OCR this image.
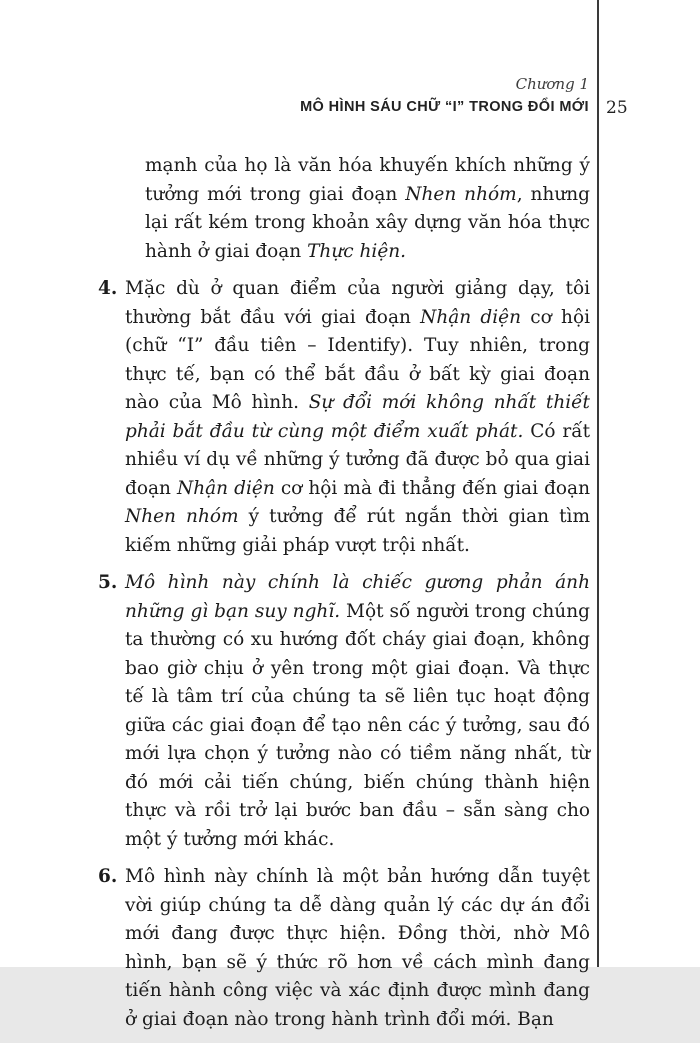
Chương 1
MÔ HÌNH SÁU CHỮ “I” TRONG ĐỔI MỚI 25
mạnh của họ là văn hóa khuyến khích những ý tưởng mới trong giai đoạn Nhen nhóm, nhưng lại rất kém trong khoản xây dựng văn hóa thực hành ở giai đoạn Thực hiện.
4. Mặc dù ở quan điểm của người giảng dạy, tôi thường bắt đầu với giai đoạn Nhận diện cơ hội (chữ “I” đầu tiên – Identify). Tuy nhiên, trong thực tế, bạn có thể bắt đầu ở bất kỳ giai đoạn nào của Mô hình. Sự đổi mới không nhất thiết phải bắt đầu từ cùng một điểm xuất phát. Có rất nhiều ví dụ về những ý tưởng đã được bỏ qua giai đoạn Nhận diện cơ hội mà đi thẳng đến giai đoạn Nhen nhóm ý tưởng để rút ngắn thời gian tìm kiếm những giải pháp vượt trội nhất.
5. Mô hình này chính là chiếc gương phản ánh những gì bạn suy nghĩ. Một số người trong chúng ta thường có xu hướng đốt cháy giai đoạn, không bao giờ chịu ở yên trong một giai đoạn. Và thực tế là tâm trí của chúng ta sẽ liên tục hoạt động giữa các giai đoạn để tạo nên các ý tưởng, sau đó mới lựa chọn ý tưởng nào có tiềm năng nhất, từ đó mới cải tiến chúng, biến chúng thành hiện thực và rồi trở lại bước ban đầu – sẵn sàng cho một ý tưởng mới khác.
6. Mô hình này chính là một bản hướng dẫn tuyệt vời giúp chúng ta dễ dàng quản lý các dự án đổi mới đang được thực hiện. Đồng thời, nhờ Mô hình, bạn sẽ ý thức rõ hơn về cách mình đang tiến hành công việc và xác định được mình đang ở giai đoạn nào trong hành trình đổi mới. Bạn
